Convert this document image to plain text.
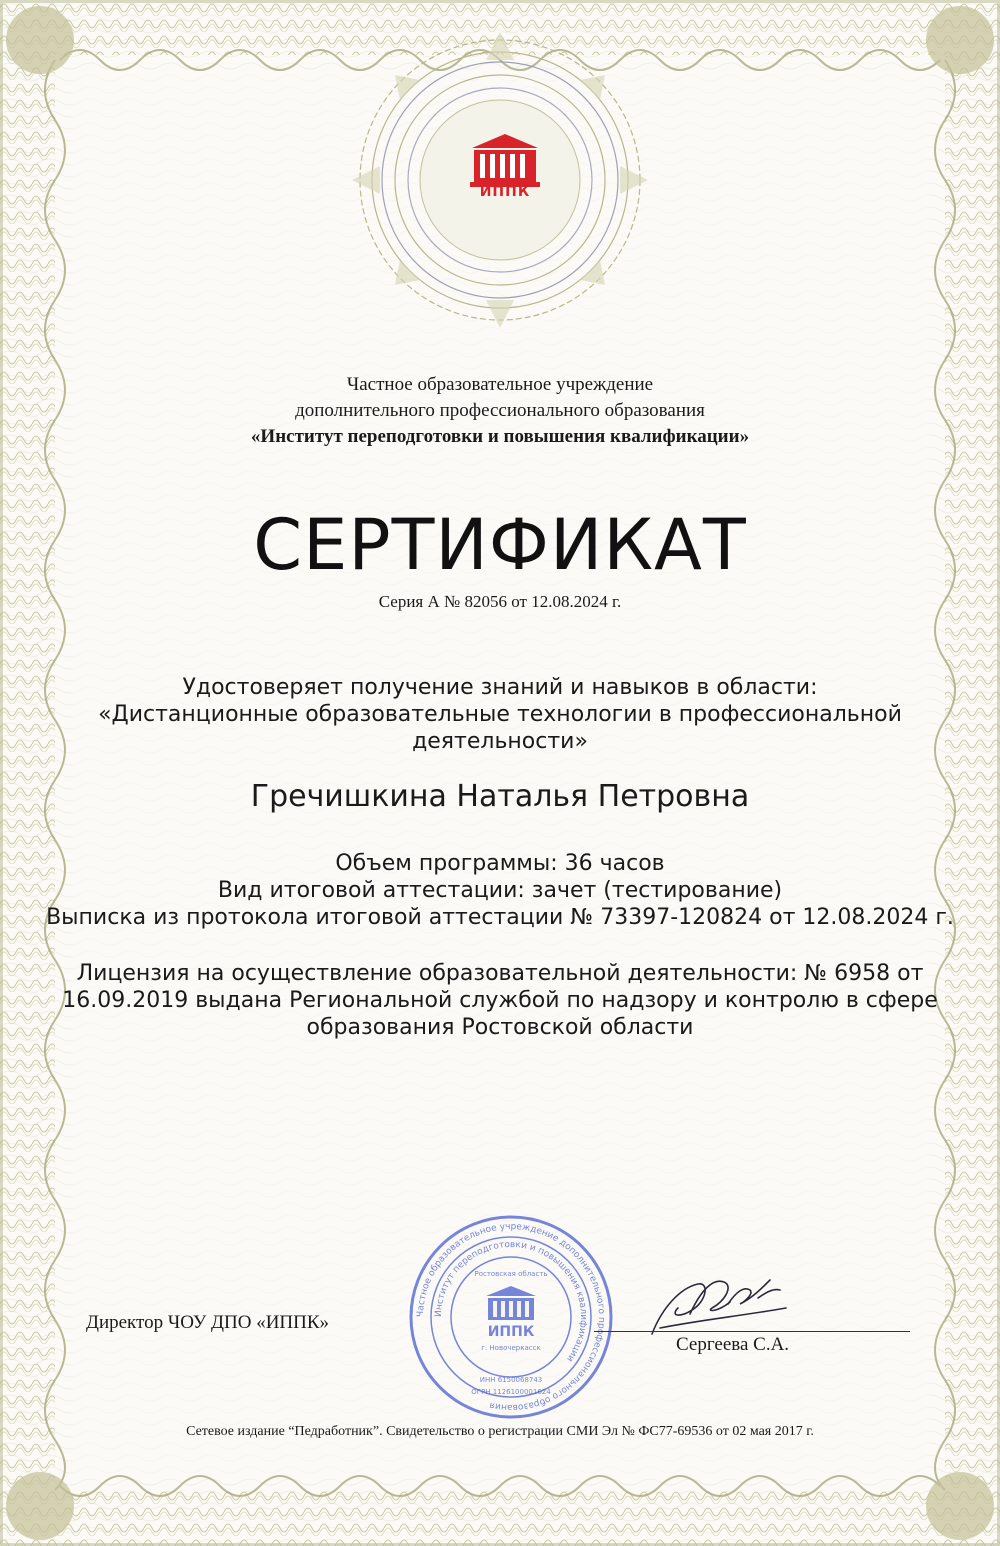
ИППК

Частное образовательное учреждение

дополнительного профессионального образования

«Институт переподготовки и повышения квалификации»

СЕРТИФИКАТ

Серия А № 82056 от 12.08.2024 г.

Удостоверяет получение знаний и навыков в области:

«Дистанционные образовательные технологии в профессиональной

деятельности»

Гречишкина Наталья Петровна

Объем программы: 36 часов

Вид итоговой аттестации: зачет (тестирование)

Выписка из протокола итоговой аттестации № 73397-120824 от 12.08.2024 г.

Лицензия на осуществление образовательной деятельности: № 6958 от

16.09.2019 выдана Региональной службой по надзору и контролю в сфере

образования Ростовской области

Директор ЧОУ ДПО «ИППК»	Частное образовательное учреждение дополнительного профессионального образования
Институт переподготовки и повышения квалификации
ИППК
г. Новочеркасск
Ростовская область
ИНН 6150068743
ОГРН 1126100001624

Сергеева С.А.

Сетевое издание “Педработник”. Свидетельство о регистрации СМИ Эл № ФС77-69536 от 02 мая 2017 г.
